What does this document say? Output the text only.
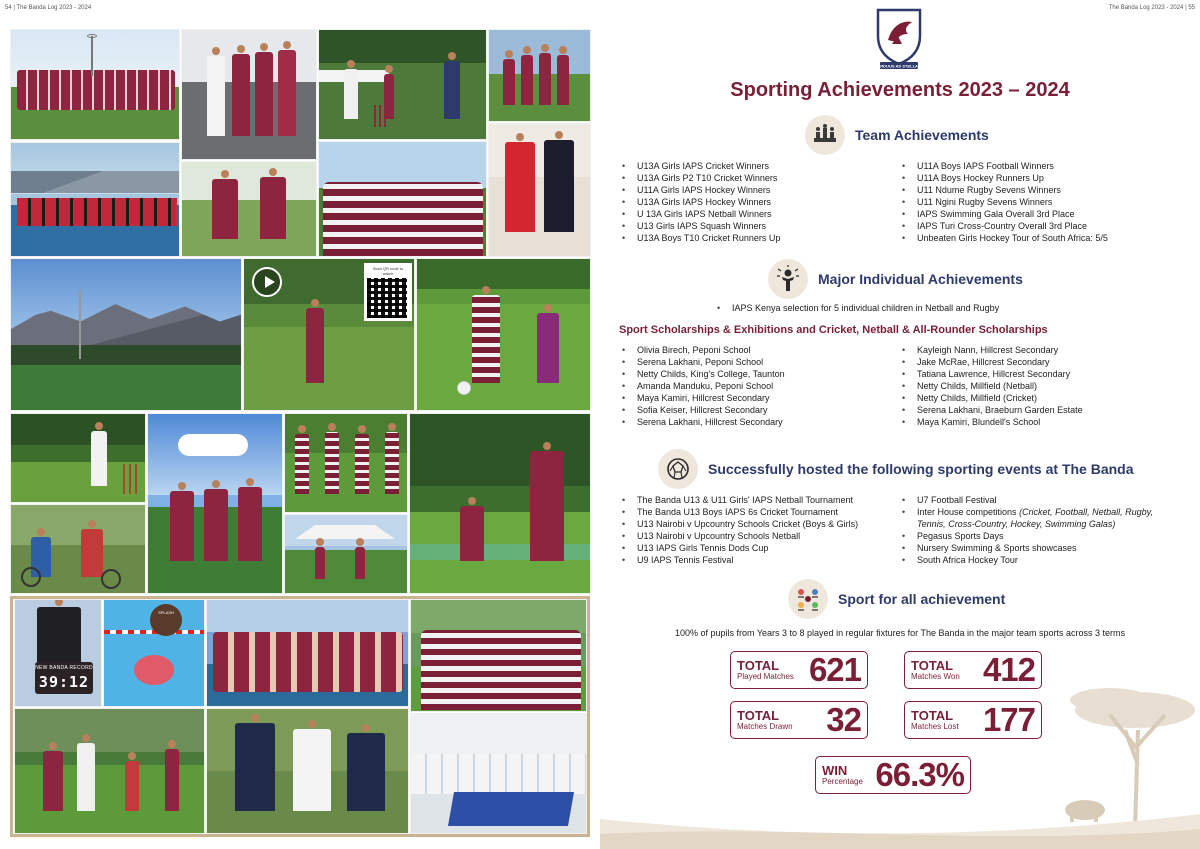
54 | The Banda Log 2023 - 2024
Scan QR code to watch
NEW BANDA RECORD
39:12
SPLASH
The Banda Log 2023 - 2024 | 55
ARDUUS AD STELLAS
Sporting Achievements 2023 – 2024
Team Achievements
• U13A Girls IAPS Cricket Winners
• U13A Girls P2 T10 Cricket Winners
• U11A Girls IAPS Hockey Winners
• U13A Girls IAPS Hockey Winners
• U 13A Girls IAPS Netball Winners
• U13 Girls IAPS Squash Winners
• U13A Boys T10 Cricket Runners Up
• U11A Boys IAPS Football Winners
• U11A Boys Hockey Runners Up
• U11 Ndume Rugby Sevens Winners
• U11 Ngini Rugby Sevens Winners
• IAPS Swimming Gala Overall 3rd Place
• IAPS Turi Cross-Country Overall 3rd Place
• Unbeaten Girls Hockey Tour of South Africa: 5/5
Major Individual Achievements
• IAPS Kenya selection for 5 individual children in Netball and Rugby
Sport Scholarships & Exhibitions and Cricket, Netball & All-Rounder Scholarships
• Olivia Birech, Peponi School
• Serena Lakhani, Peponi School
• Netty Childs, King's College, Taunton
• Amanda Manduku, Peponi School
• Maya Kamiri, Hillcrest Secondary
• Sofia Keiser, Hillcrest Secondary
• Serena Lakhani, Hillcrest Secondary
• Kayleigh Nann, Hillcrest Secondary
• Jake McRae, Hillcrest Secondary
• Tatiana Lawrence, Hillcrest Secondary
• Netty Childs, Millfield (Netball)
• Netty Childs, Millfield (Cricket)
• Serena Lakhani, Braeburn Garden Estate
• Maya Kamiri, Blundell's School
Successfully hosted the following sporting events at The Banda
• The Banda U13 & U11 Girls' IAPS Netball Tournament
• The Banda U13 Boys IAPS 6s Cricket Tournament
• U13 Nairobi v Upcountry Schools Cricket (Boys & Girls)
• U13 Nairobi v Upcountry Schools Netball
• U13 IAPS Girls Tennis Dods Cup
• U9 IAPS Tennis Festival
• U7 Football Festival
• Inter House competitions (Cricket, Football, Netball, Rugby, Tennis, Cross-Country, Hockey, Swimming Galas)
• Pegasus Sports Days
• Nursery Swimming & Sports showcases
• South Africa Hockey Tour
Sport for all achievement
100% of pupils from Years 3 to 8 played in regular fixtures for The Banda in the major team sports across 3 terms
TOTAL
Played Matches 621	TOTAL
Matches Won 412
TOTAL
Matches Drawn 32	TOTAL
Matches Lost 177
WIN
Percentage 66.3%
